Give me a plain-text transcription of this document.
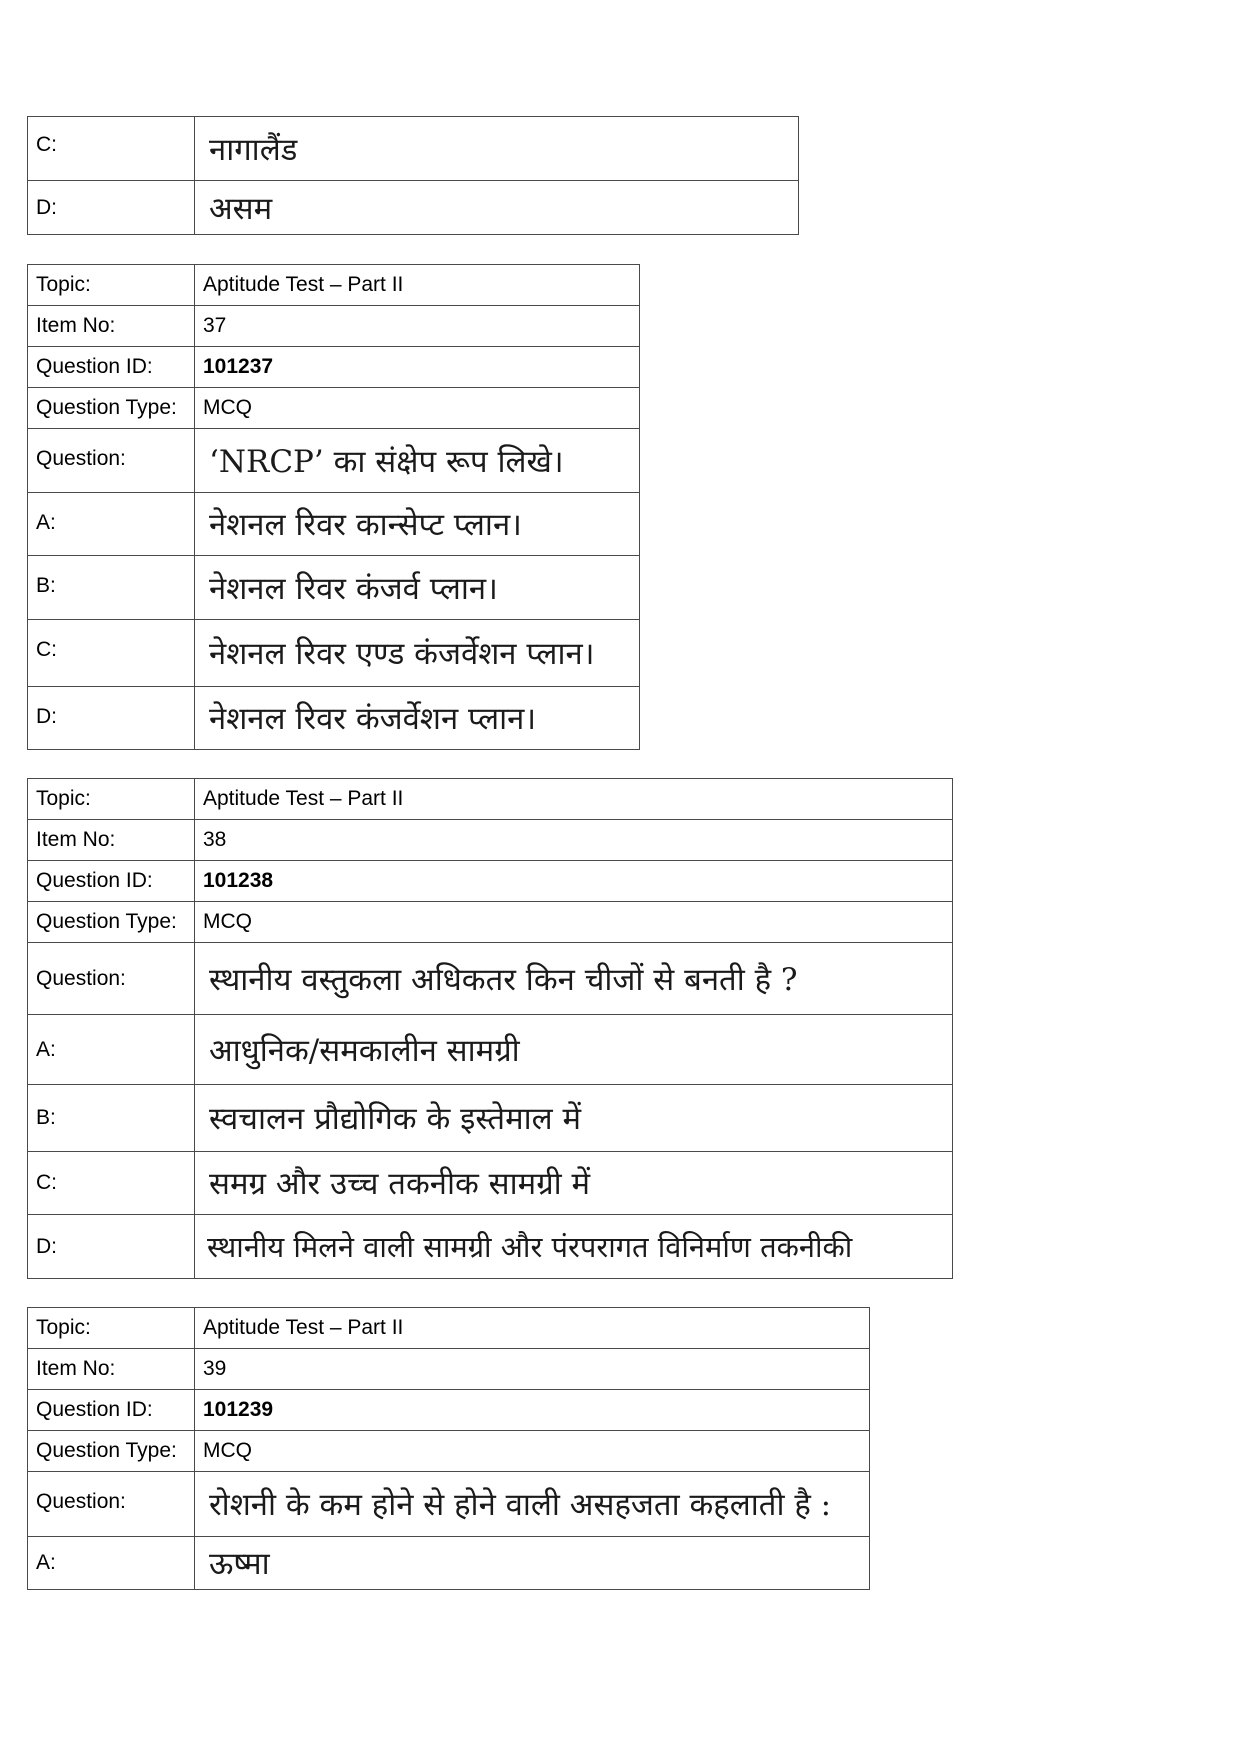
C:	नागालैंड
D:	असम
Topic:	Aptitude Test – Part II
Item No:	37
Question ID:	101237
Question Type:	MCQ
Question:	‘NRCP’ का संक्षेप रूप लिखे।
A:	नेशनल रिवर कान्सेप्ट प्लान।
B:	नेशनल रिवर कंजर्व प्लान।
C:	नेशनल रिवर एण्ड कंजर्वेशन प्लान।
D:	नेशनल रिवर कंजर्वेशन प्लान।
Topic:	Aptitude Test – Part II
Item No:	38
Question ID:	101238
Question Type:	MCQ
Question:	स्थानीय वस्तुकला अधिकतर किन चीजों से बनती है ?
A:	आधुनिक/समकालीन सामग्री
B:	स्वचालन प्रौद्योगिक के इस्तेमाल में
C:	समग्र और उच्च तकनीक सामग्री में
D:	स्थानीय मिलने वाली सामग्री और पंरपरागत विनिर्माण तकनीकी
Topic:	Aptitude Test – Part II
Item No:	39
Question ID:	101239
Question Type:	MCQ
Question:	रोशनी के कम होने से होने वाली असहजता कहलाती है :
A:	ऊष्मा
